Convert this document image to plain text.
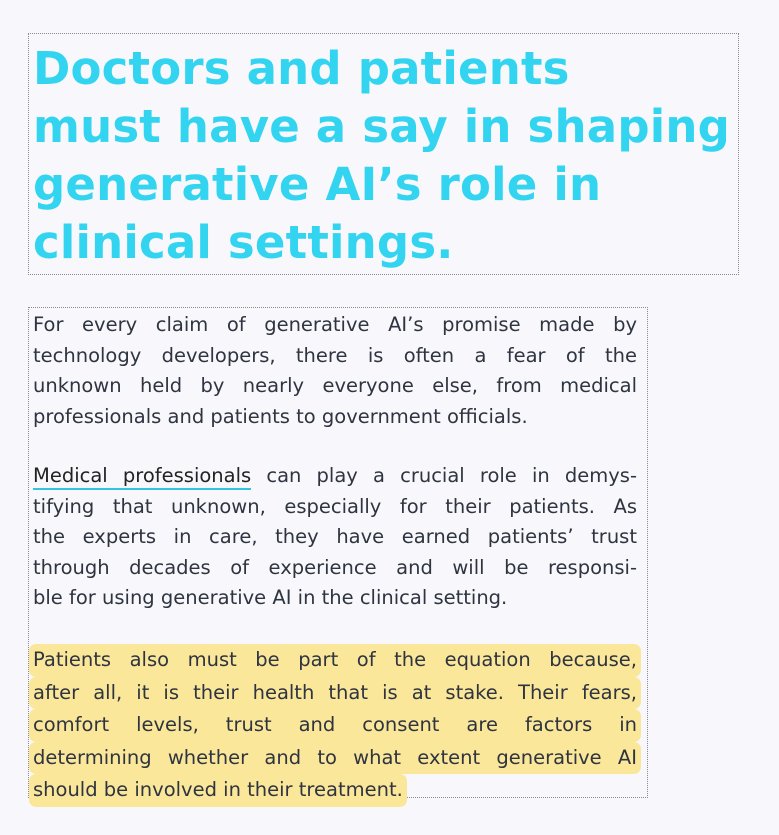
Doctors and patients
must have a say in shaping
generative AI’s role in
clinical settings.
For every claim of generative AI’s promise made by
technology developers, there is often a fear of the
unknown held by nearly everyone else, from medical
professionals and patients to government officials.
Medical professionals can play a crucial role in demys-
tifying that unknown, especially for their patients. As
the experts in care, they have earned patients’ trust
through decades of experience and will be responsi-
ble for using generative AI in the clinical setting.
Patients also must be part of the equation because,
after all, it is their health that is at stake. Their fears,
comfort levels, trust and consent are factors in
determining whether and to what extent generative AI
should be involved in their treatment.
